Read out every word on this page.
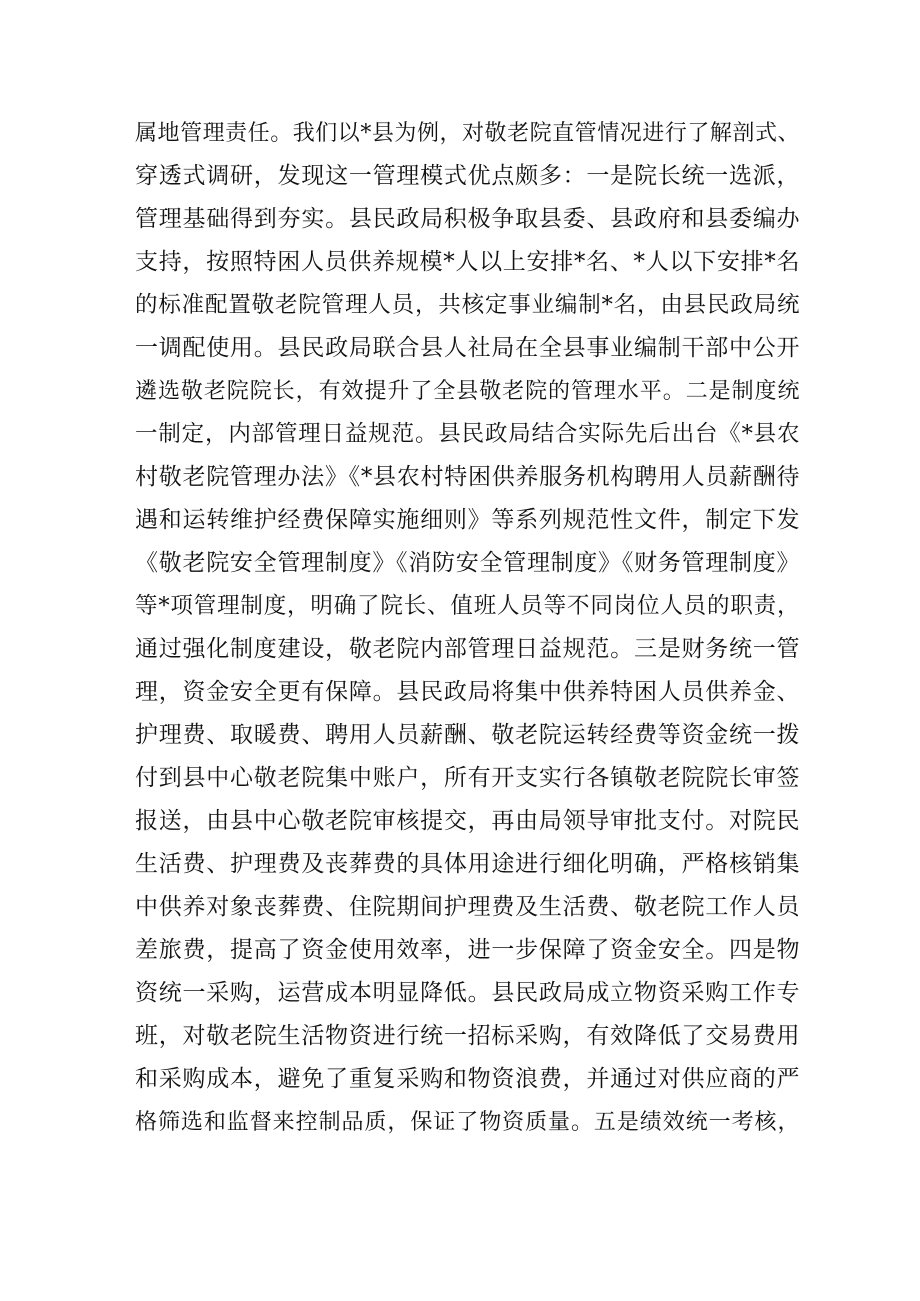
属地管理责任。我们以*县为例，对敬老院直管情况进行了解剖式、
穿透式调研，发现这一管理模式优点颇多：一是院长统一选派，
管理基础得到夯实。县民政局积极争取县委、县政府和县委编办
支持，按照特困人员供养规模*人以上安排*名、*人以下安排*名
的标准配置敬老院管理人员，共核定事业编制*名，由县民政局统
一调配使用。县民政局联合县人社局在全县事业编制干部中公开
遴选敬老院院长，有效提升了全县敬老院的管理水平。二是制度统
一制定，内部管理日益规范。县民政局结合实际先后出台《*县农
村敬老院管理办法》《*县农村特困供养服务机构聘用人员薪酬待
遇和运转维护经费保障实施细则》等系列规范性文件，制定下发
《敬老院安全管理制度》《消防安全管理制度》《财务管理制度》
等*项管理制度，明确了院长、值班人员等不同岗位人员的职责，
通过强化制度建设，敬老院内部管理日益规范。三是财务统一管
理，资金安全更有保障。县民政局将集中供养特困人员供养金、
护理费、取暖费、聘用人员薪酬、敬老院运转经费等资金统一拨
付到县中心敬老院集中账户，所有开支实行各镇敬老院院长审签
报送，由县中心敬老院审核提交，再由局领导审批支付。对院民
生活费、护理费及丧葬费的具体用途进行细化明确，严格核销集
中供养对象丧葬费、住院期间护理费及生活费、敬老院工作人员
差旅费，提高了资金使用效率，进一步保障了资金安全。四是物
资统一采购，运营成本明显降低。县民政局成立物资采购工作专
班，对敬老院生活物资进行统一招标采购，有效降低了交易费用
和采购成本，避免了重复采购和物资浪费，并通过对供应商的严
格筛选和监督来控制品质，保证了物资质量。五是绩效统一考核，
